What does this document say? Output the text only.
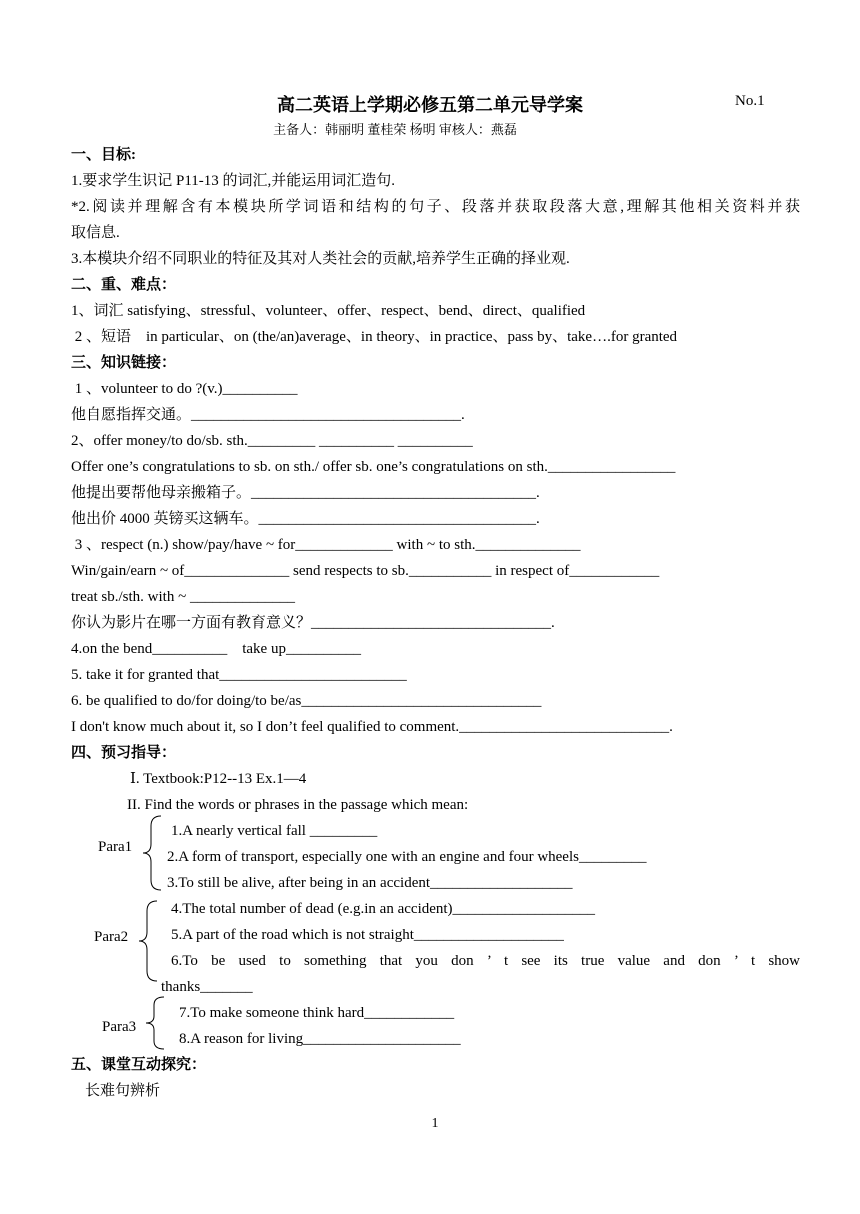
高二英语上学期必修五第二单元导学案	No.1
主备人：韩丽明 董桂荣 杨明 审核人：燕磊
一、目标:
1.要求学生识记 P11-13 的词汇,并能运用词汇造句.
*2.阅读并理解含有本模块所学词语和结构的句子、段落并获取段落大意,理解其他相关资料并获
取信息.
3.本模块介绍不同职业的特征及其对人类社会的贡献,培养学生正确的择业观.
二、重、难点：
1、词汇 satisfying、stressful、volunteer、offer、respect、bend、direct、qualified
2 、短语    in particular、on (the/an)average、in theory、in practice、pass by、take….for granted
三、知识链接：
1 、volunteer to do ?(v.)__________
他自愿指挥交通。____________________________________.
2、offer money/to do/sb. sth._________ __________ __________
Offer one’s congratulations to sb. on sth./ offer sb. one’s congratulations on sth._________________
他提出要帮他母亲搬箱子。______________________________________.
他出价 4000 英镑买这辆车。_____________________________________.
3 、respect (n.) show/pay/have ~ for_____________ with ~ to sth.______________
Win/gain/earn ~ of______________ send respects to sb.___________ in respect of____________
treat sb./sth. with ~ ______________
你认为影片在哪一方面有教育意义？________________________________.
4.on the bend__________    take up__________
5. take it for granted that_________________________
6. be qualified to do/for doing/to be/as________________________________
I don't know much about it, so I don’t feel qualified to comment.____________________________.
四、预习指导：
Ⅰ. Textbook:P12--13 Ex.1—4
II. Find the words or phrases in the passage which mean:
Para1
1.A nearly vertical fall _________
2.A form of transport, especially one with an engine and four wheels_________
3.To still be alive, after being in an accident___________________
Para2
4.The total number of dead (e.g.in an accident)___________________
5.A part of the road which is not straight____________________
6.To be used to something that you don ’ t see its true value and don ’ t show
thanks_______
Para3
7.To make someone think hard____________
8.A reason for living_____________________
五、课堂互动探究：
长难句辨析
1
